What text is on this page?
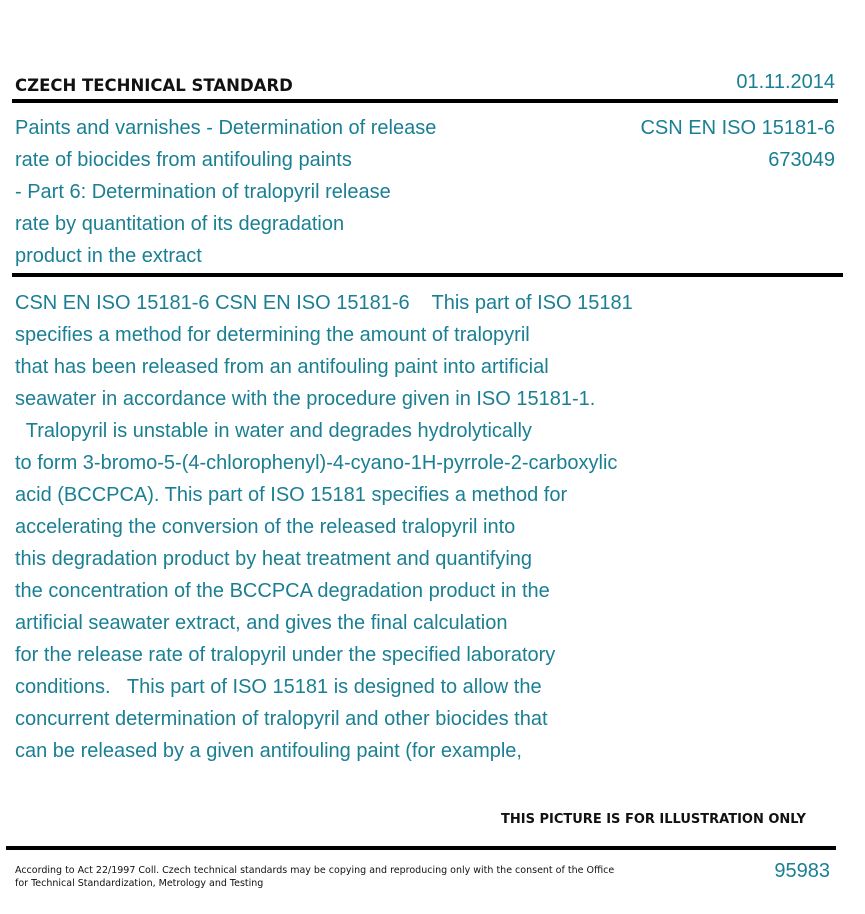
CZECH TECHNICAL STANDARD	01.11.2014
Paints and varnishes - Determination of release
rate of biocides from antifouling paints
- Part 6: Determination of tralopyril release
rate by quantitation of its degradation
product in the extract
CSN EN ISO 15181-6
673049
CSN EN ISO 15181-6 CSN EN ISO 15181-6    This part of ISO 15181
specifies a method for determining the amount of tralopyril
that has been released from an antifouling paint into artificial
seawater in accordance with the procedure given in ISO 15181-1.
Tralopyril is unstable in water and degrades hydrolytically
to form 3-bromo-5-(4-chlorophenyl)-4-cyano-1H-pyrrole-2-carboxylic
acid (BCCPCA). This part of ISO 15181 specifies a method for
accelerating the conversion of the released tralopyril into
this degradation product by heat treatment and quantifying
the concentration of the BCCPCA degradation product in the
artificial seawater extract, and gives the final calculation
for the release rate of tralopyril under the specified laboratory
conditions.   This part of ISO 15181 is designed to allow the
concurrent determination of tralopyril and other biocides that
can be released by a given antifouling paint (for example,
THIS PICTURE IS FOR ILLUSTRATION ONLY
According to Act 22/1997 Coll. Czech technical standards may be copying and reproducing only with the consent of the Office
for Technical Standardization, Metrology and Testing
95983
